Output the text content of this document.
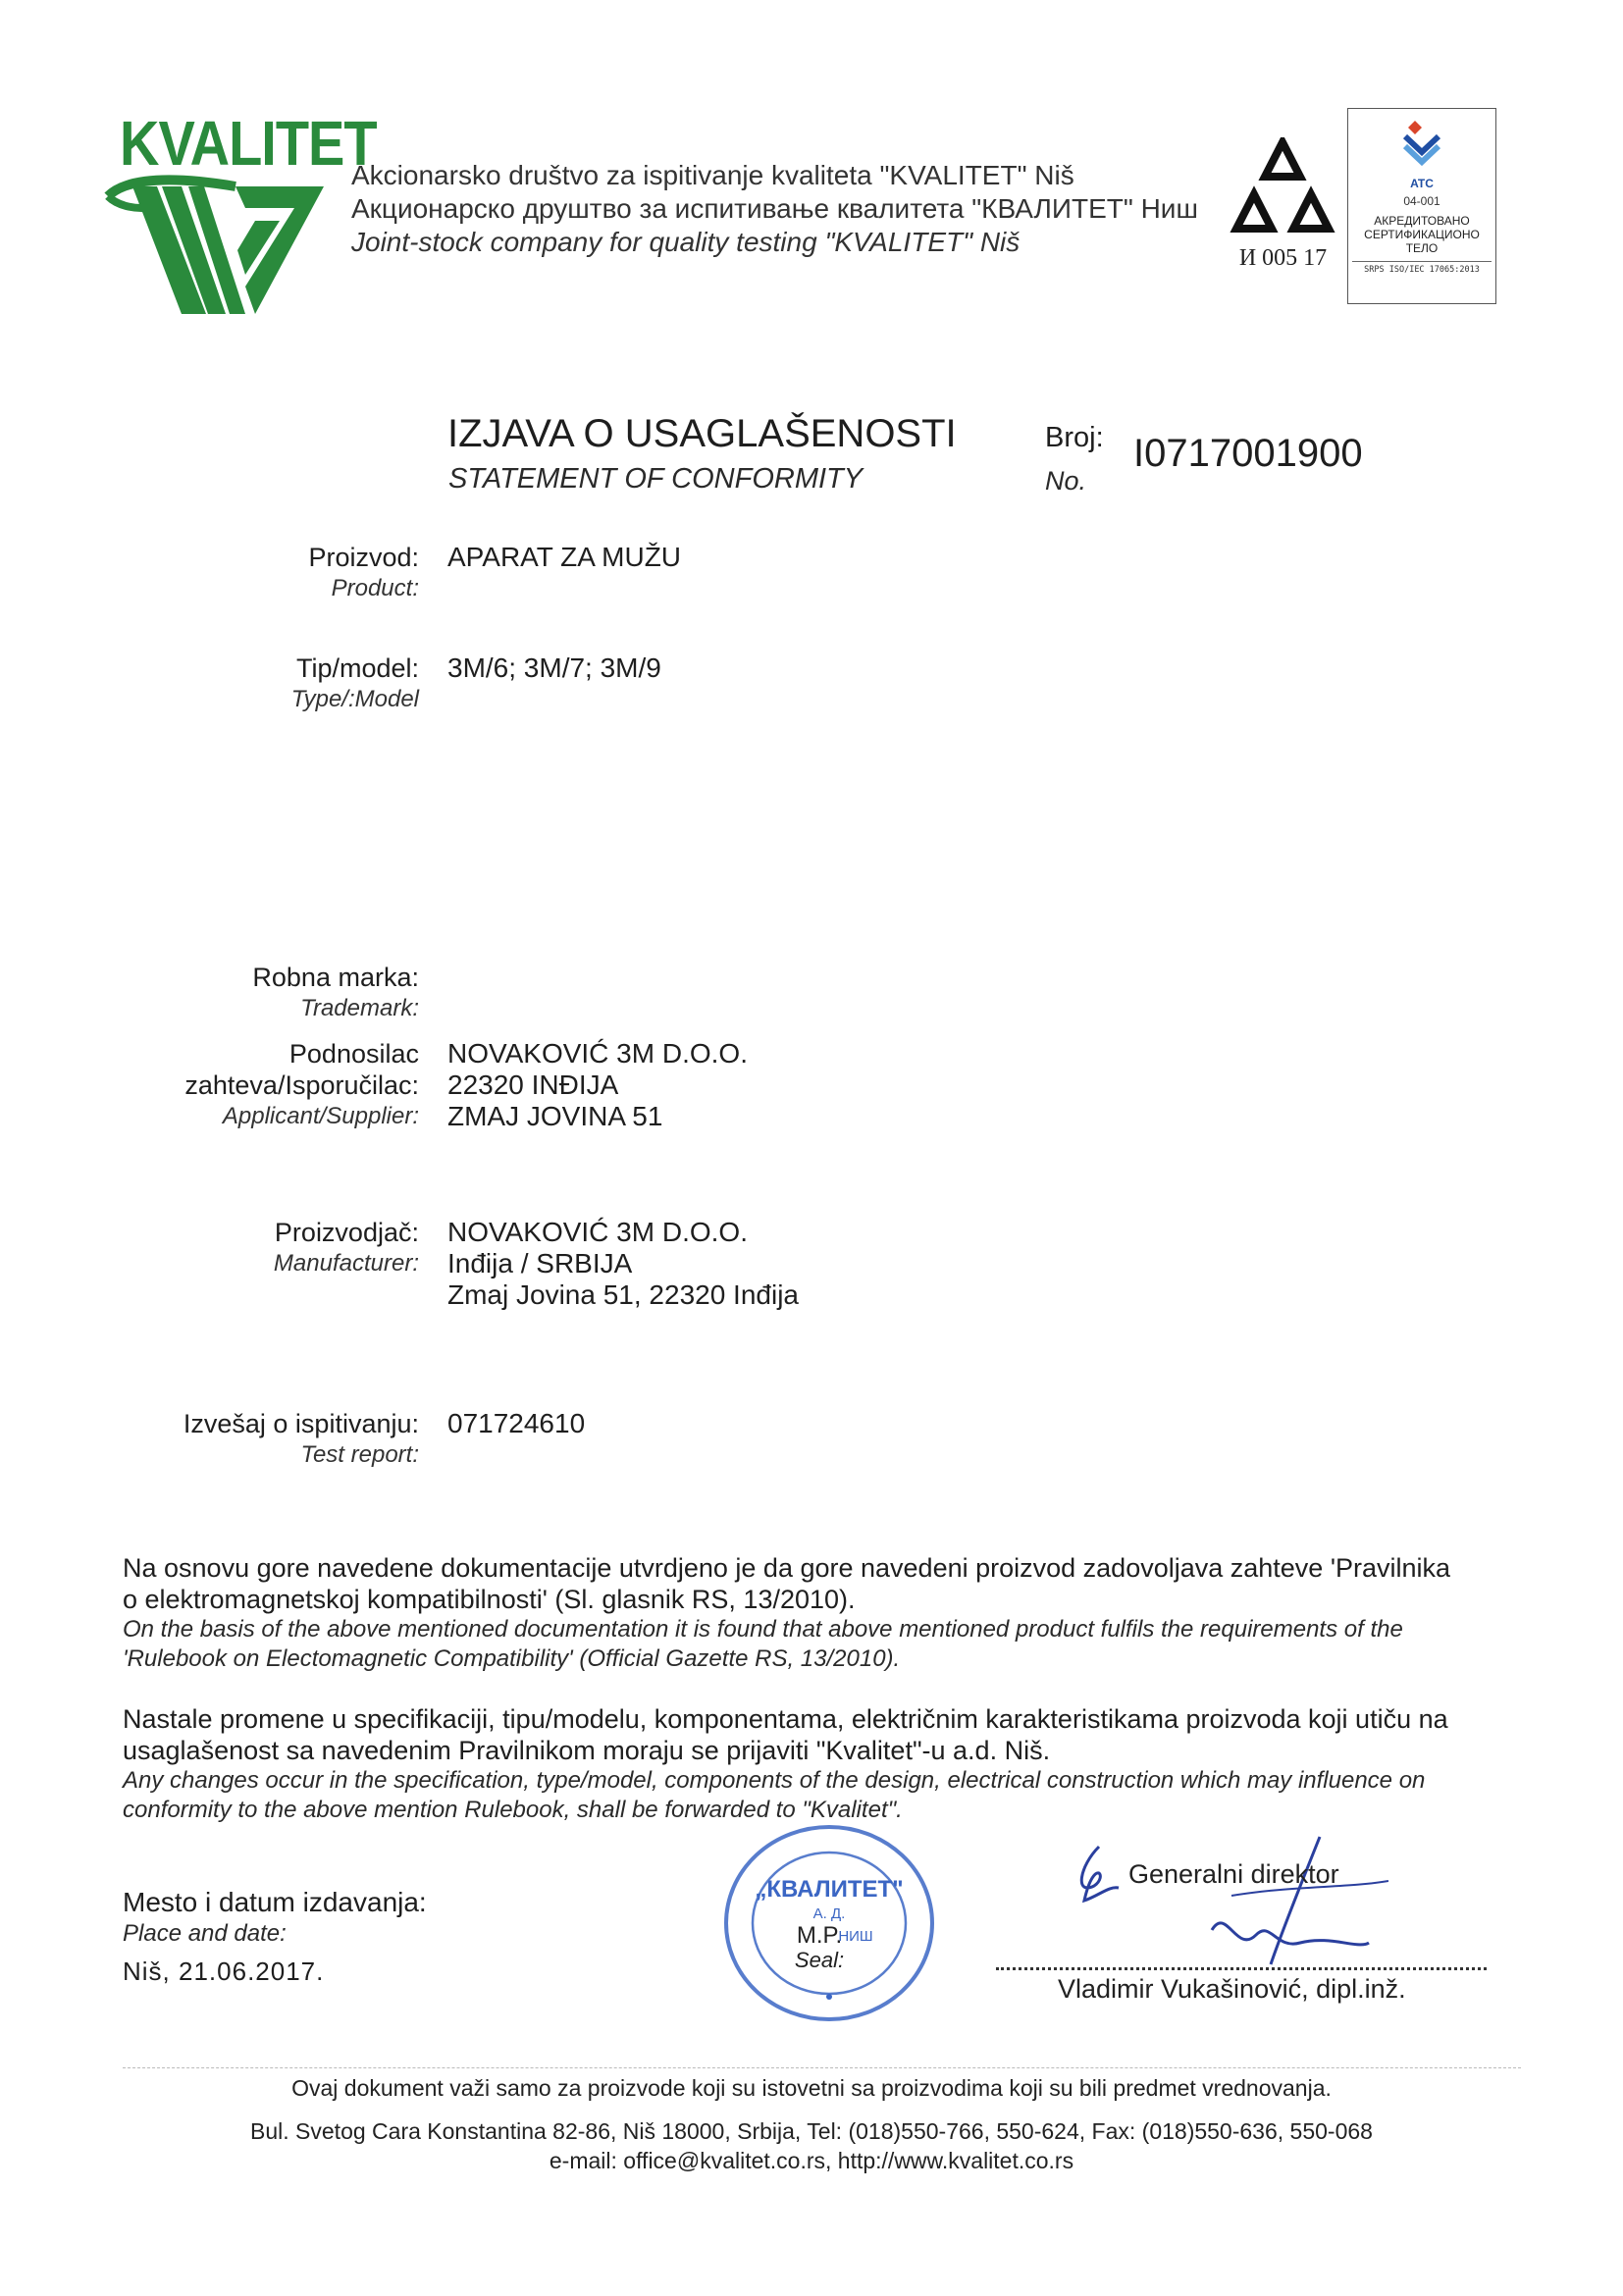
KVALITET
Akcionarsko društvo za ispitivanje kvaliteta "KVALITET" Niš
Акционарско друштво за испитивање квалитета "КВАЛИТЕТ" Ниш
Joint-stock company for quality testing "KVALITET" Niš
И 005 17
ATC
04-001
АКРЕДИТОВАНО
СЕРТИФИКАЦИОНО
ТЕЛО
SRPS ISO/IEC 17065:2013
IZJAVA O USAGLAŠENOSTI
STATEMENT OF CONFORMITY
Broj:
No.
I0717001900
Proizvod:
Product:
APARAT ZA MUŽU
Tip/model:
Type/:Model
3M/6; 3M/7; 3M/9
Robna marka:
Trademark:
Podnosilac
zahteva/Isporučilac:
Applicant/Supplier:
NOVAKOVIĆ 3M D.O.O.
22320 INĐIJA
ZMAJ JOVINA 51
Proizvodjač:
Manufacturer:
NOVAKOVIĆ 3M D.O.O.
Inđija / SRBIJA
Zmaj Jovina 51, 22320 Inđija
Izvešaj o ispitivanju:
Test report:
071724610
Na osnovu gore navedene dokumentacije utvrdjeno je da gore navedeni proizvod zadovoljava zahteve 'Pravilnika
o elektromagnetskoj kompatibilnosti' (Sl. glasnik RS, 13/2010).
On the basis of the above mentioned documentation it is found that above mentioned product fulfils the requirements of the
'Rulebook on Electomagnetic Compatibility' (Official Gazette RS, 13/2010).
Nastale promene u specifikaciji, tipu/modelu, komponentama, električnim karakteristikama proizvoda koji utiču na
usaglašenost sa navedenim Pravilnikom moraju se prijaviti "Kvalitet"-u a.d. Niš.
Any changes occur in the specification, type/model, components of the design, electrical construction which may influence on
conformity to the above mention Rulebook, shall be forwarded to "Kvalitet".
Mesto i datum izdavanja:
Place and date:
Niš, 21.06.2017.
„КВАЛИТЕТ"
А. Д.
M.P.
НИШ
Seal:
Generalni direktor
Vladimir Vukašinović, dipl.inž.
Ovaj dokument važi samo za proizvode koji su istovetni sa proizvodima koji su bili predmet vrednovanja.
Bul. Svetog Cara Konstantina 82-86, Niš 18000, Srbija, Tel: (018)550-766, 550-624, Fax: (018)550-636, 550-068
e-mail: office@kvalitet.co.rs, http://www.kvalitet.co.rs
